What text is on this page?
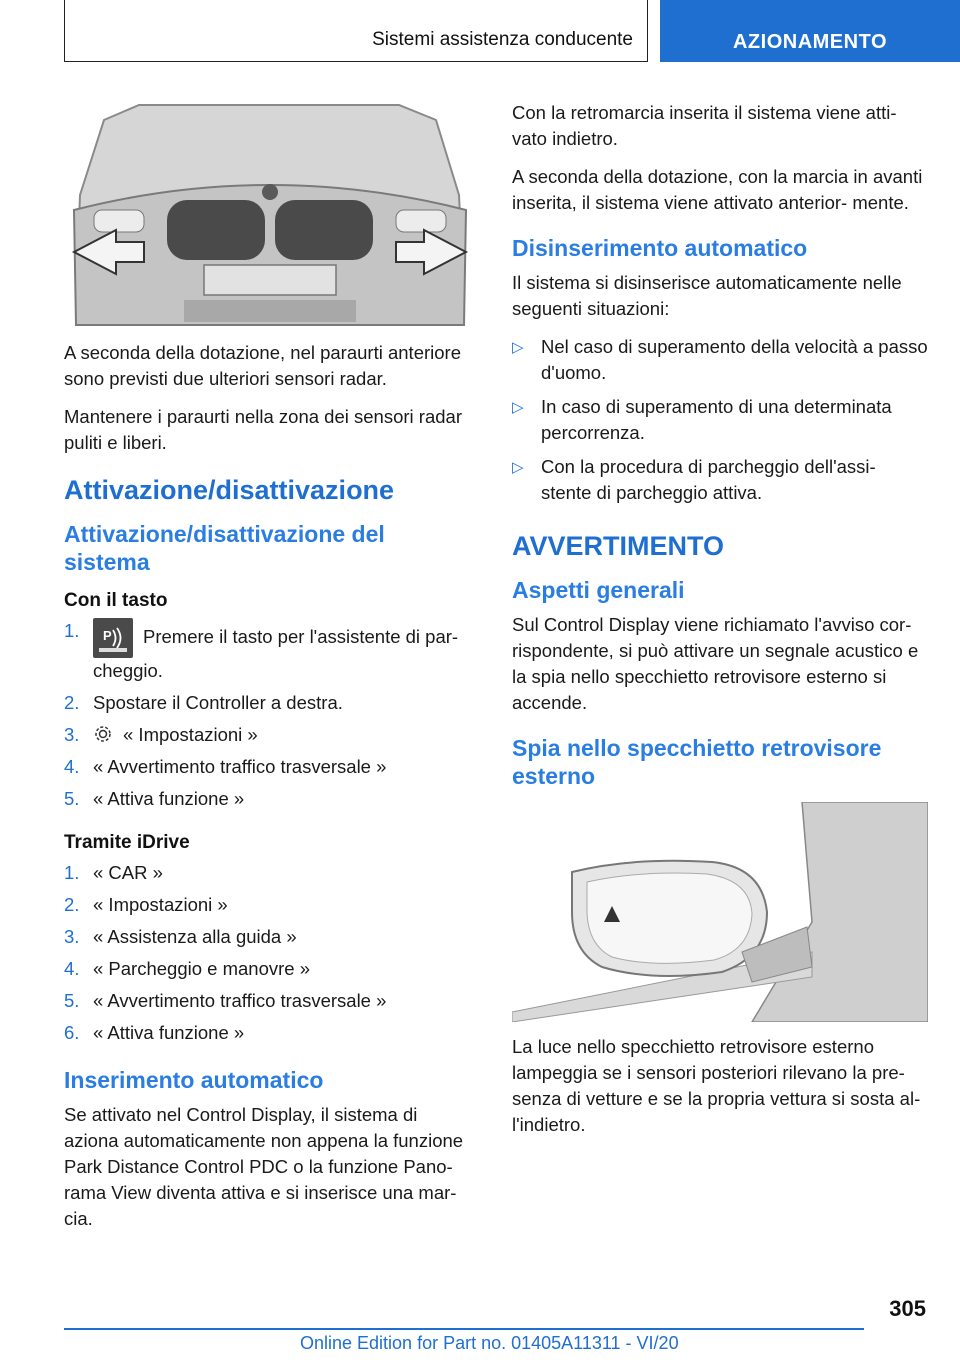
Sistemi assistenza conducente	AZIONAMENTO

A seconda della dotazione, nel paraurti anteriore sono previsti due ulteriori sensori radar.

Mantenere i paraurti nella zona dei sensori radar puliti e liberi.

Attivazione/disattivazione
Attivazione/disattivazione del sistema
Con il tasto
1.	P Premere il tasto per l'assistente di par- cheggio.
2. Spostare il Controller a destra.
3.	« Impostazioni »
4. « Avvertimento traffico trasversale »
5. « Attiva funzione »
Tramite iDrive
1. « CAR »
2. « Impostazioni »
3. « Assistenza alla guida »
4. « Parcheggio e manovre »
5. « Avvertimento traffico trasversale »
6. « Attiva funzione »
Inserimento automatico

Se attivato nel Control Display, il sistema di aziona automaticamente non appena la funzione Park Distance Control PDC o la funzione Pano- rama View diventa attiva e si inserisce una mar- cia.

Con la retromarcia inserita il sistema viene atti- vato indietro.

A seconda della dotazione, con la marcia in avanti inserita, il sistema viene attivato anterior- mente.

Disinserimento automatico

Il sistema si disinserisce automaticamente nelle seguenti situazioni:

▷ Nel caso di superamento della velocità a passo d'uomo.
▷ In caso di superamento di una determinata percorrenza.
▷ Con la procedura di parcheggio dell'assi- stente di parcheggio attiva.
AVVERTIMENTO
Aspetti generali

Sul Control Display viene richiamato l'avviso cor- rispondente, si può attivare un segnale acustico e la spia nello specchietto retrovisore esterno si accende.

Spia nello specchietto retrovisore esterno

La luce nello specchietto retrovisore esterno lampeggia se i sensori posteriori rilevano la pre- senza di vetture e se la propria vettura si sosta al- l'indietro.

305
Online Edition for Part no. 01405A11311 - VI/20
